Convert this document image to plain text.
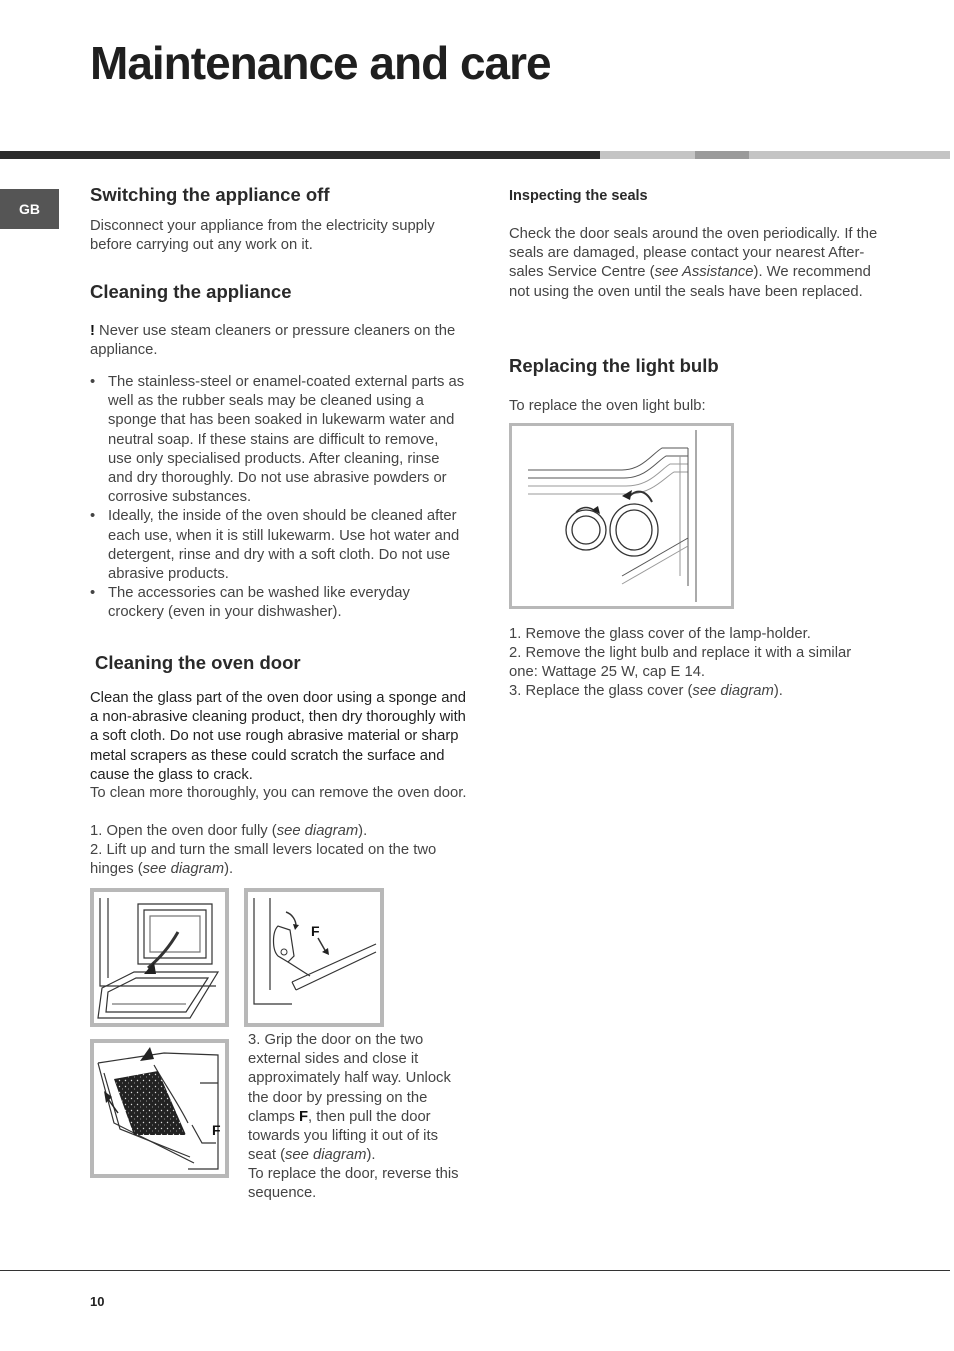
Maintenance and care
GB
Switching the appliance off

Disconnect your appliance from the electricity supply before carrying out any work on it.

Cleaning the appliance

! Never use steam cleaners or pressure cleaners on the appliance.

• The stainless-steel or enamel-coated external parts as well as the rubber seals may be cleaned using a sponge that has been soaked in lukewarm water and neutral soap. If these stains are difficult to remove, use only specialised products. After cleaning, rinse and dry thoroughly. Do not use abrasive powders or corrosive substances.
• Ideally, the inside of the oven should be cleaned after each use, when it is still lukewarm. Use hot water and detergent, rinse and dry with a soft cloth. Do not use abrasive products.
• The accessories can be washed like everyday crockery (even in your dishwasher).
Cleaning the oven door

Clean the glass part of the oven door using a sponge and a non-abrasive cleaning product, then dry thoroughly with a soft cloth. Do not use rough abrasive material or sharp metal scrapers as these could scratch the surface and cause the glass to crack.

To clean more thoroughly, you can remove the oven door.

1. Open the oven door fully (see diagram).

2. Lift up and turn the small levers located on the two hinges (see diagram).

F
F

3. Grip the door on the two external sides and close it approximately half way. Unlock the door by pressing on the clamps F, then pull the door towards you lifting it out of its seat (see diagram).

To replace the door, reverse this sequence.

Inspecting the seals

Check the door seals around the oven periodically. If the seals are damaged, please contact your nearest After-sales Service Centre (see Assistance). We recommend not using the oven until the seals have been replaced.

Replacing the light bulb

To replace the oven light bulb:

1. Remove the glass cover of the lamp-holder.

2. Remove the light bulb and replace it with a similar one: Wattage 25 W, cap E 14.

3. Replace the glass cover (see diagram).

10
